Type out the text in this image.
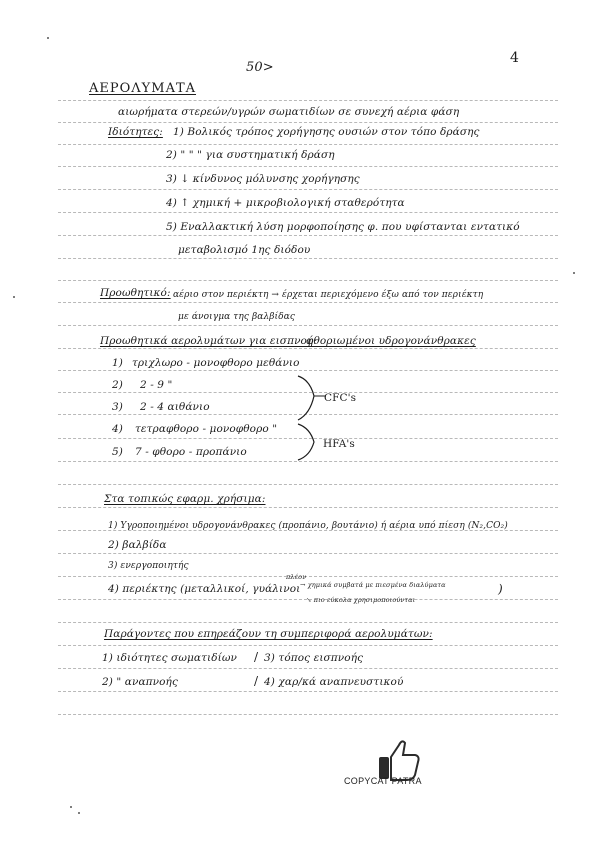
4
50>
ΑΕΡΟΛΥΜΑΤΑ
αιωρήματα στερεών/υγρών σωματιδίων σε συνεχή αέρια φάση
Ιδιότητες: 1) Βολικός τρόπος χορήγησης ουσιών στον τόπο δράσης
2) " " " για συστηματική δράση
3) ↓ κίνδυνος μόλυνσης χορήγησης
4) ↑ χημική + μικροβιολογική σταθερότητα
5) Εναλλακτική λύση μορφοποίησης φ. που υφίστανται εντατικό
μεταβολισμό 1ης διόδου
Προωθητικό: αέριο στον περιέκτη → έρχεται περιεχόμενο έξω από τον περιέκτη
με άνοιγμα της βαλβίδας
Προωθητικά αερολυμάτων για εισπνοή:
φθοριωμένοι υδρογονάνθρακες
1) τριχλωρο - μονοφθορο μεθάνιο
2) 2 - 9 "
3) 2 - 4 αιθάνιο
4) τετραφθορο - μονοφθορο "
5) 7 - φθορο - προπάνιο
CFC's
HFA's
Στα τοπικώς εφαρμ. χρήσιμα:
1) Υγροποιημένοι υδρογονάνθρακες (προπάνιο, βουτάνιο) ή αέρια υπό πίεση (N₂,CO₂)
2) βαλβίδα
3) ενεργοποιητής
4) περιέκτης (μεταλλικοί, γυάλινοι
πλέον
→ χημικά συμβατά με πιεσμένα διαλύματα
↘ πιο εύκολα χρησιμοποιούνται
)
Παράγοντες που επηρεάζουν τη συμπεριφορά αερολυμάτων:
1) ιδιότητες σωματιδίων / 3) τόπος εισπνοής
2) " αναπνοής	/ 4) χαρ/κά αναπνευστικού
COPYCAT PATRA
